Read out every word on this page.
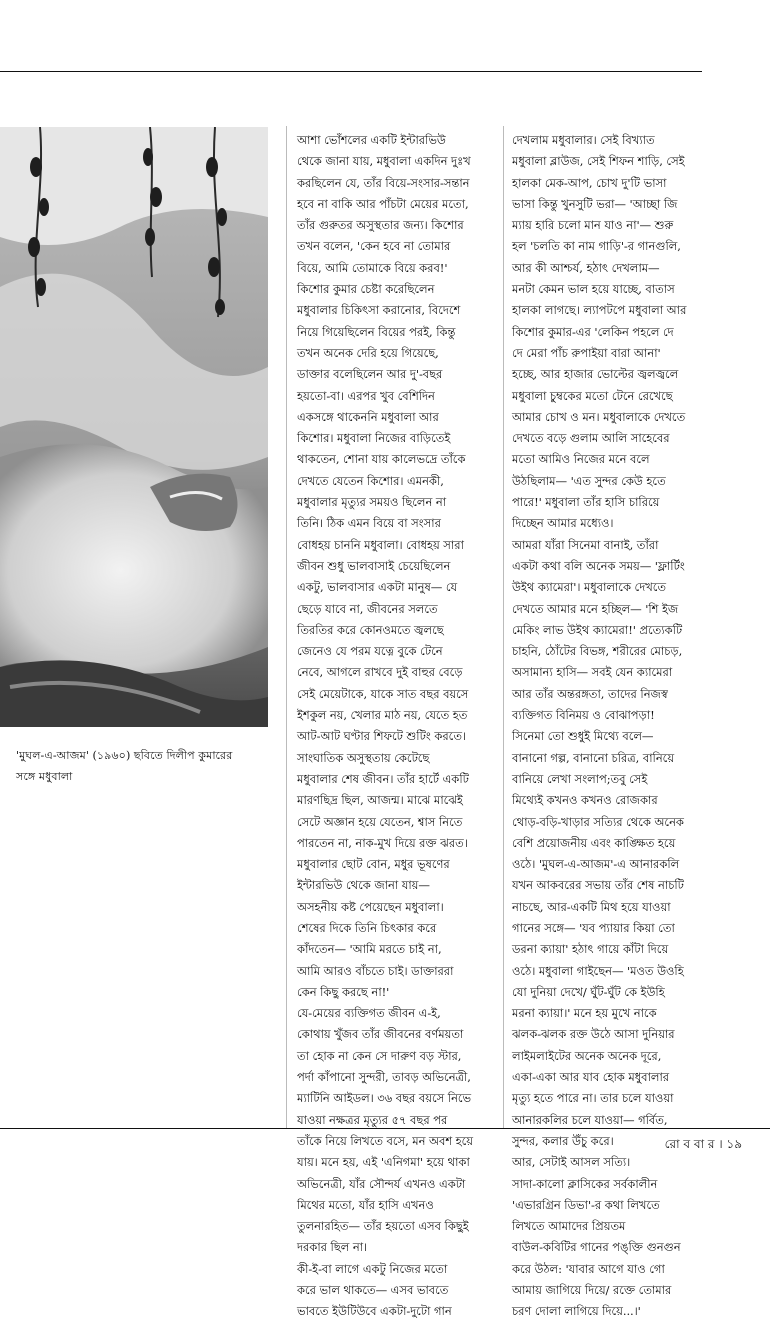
'মুঘল-এ-আজম' (১৯৬০) ছবিতে দিলীপ কুমারের
সঙ্গে মধুবালা
আশা ভোঁশলের একটি ইন্টারভিউ
থেকে জানা যায়, মধুবালা একদিন দুঃখ
করছিলেন যে, তাঁর বিয়ে-সংসার-সন্তান
হবে না বাকি আর পাঁচটা মেয়ের মতো,
তাঁর গুরুতর অসুস্থতার জন্য। কিশোর
তখন বলেন, 'কেন হবে না তোমার
বিয়ে, আমি তোমাকে বিয়ে করব!'
কিশোর কুমার চেষ্টা করেছিলেন
মধুবালার চিকিৎসা করানোর, বিদেশে
নিয়ে গিয়েছিলেন বিয়ের পরই, কিন্তু
তখন অনেক দেরি হয়ে গিয়েছে,
ডাক্তার বলেছিলেন আর দু'-বছর
হয়তো-বা। এরপর খুব বেশিদিন
একসঙ্গে থাকেননি মধুবালা আর
কিশোর। মধুবালা নিজের বাড়িতেই
থাকতেন, শোনা যায় কালেভদ্রে তাঁকে
দেখতে যেতেন কিশোর। এমনকী,
মধুবালার মৃত্যুর সময়ও ছিলেন না
তিনি। ঠিক এমন বিয়ে বা সংসার
বোধহয় চাননি মধুবালা। বোধহয় সারা
জীবন শুধু ভালবাসাই চেয়েছিলেন
একটু, ভালবাসার একটা মানুষ— যে
ছেড়ে যাবে না, জীবনের সলতে
তিরতির করে কোনওমতে জ্বলছে
জেনেও যে পরম যত্নে বুকে টেনে
নেবে, আগলে রাখবে দুই বাহুর বেড়ে
সেই মেয়েটাকে, যাকে সাত বছর বয়সে
ইশকুল নয়, খেলার মাঠ নয়, যেতে হত
আট-আট ঘণ্টার শিফটে শুটিং করতে।
সাংঘাতিক অসুস্থতায় কেটেছে
মধুবালার শেষ জীবন। তাঁর হার্টে একটি
মারণছিদ্র ছিল, আজন্ম। মাঝে মাঝেই
সেটে অজ্ঞান হয়ে যেতেন, শ্বাস নিতে
পারতেন না, নাক-মুখ দিয়ে রক্ত ঝরত।
মধুবালার ছোট বোন, মধুর ভূষণের
ইন্টারভিউ থেকে জানা যায়—
অসহনীয় কষ্ট পেয়েছেন মধুবালা।
শেষের দিকে তিনি চিৎকার করে
কাঁদতেন— 'আমি মরতে চাই না,
আমি আরও বাঁচতে চাই। ডাক্তাররা
কেন কিছু করছে না!'
যে-মেয়ের ব্যক্তিগত জীবন এ-ই,
কোথায় খুঁজব তাঁর জীবনের বর্ণময়তা
তা হোক না কেন সে দারুণ বড় স্টার,
পর্দা কাঁপানো সুন্দরী, তাবড় অভিনেত্রী,
ম্যাটিনি আইডল। ৩৬ বছর বয়সে নিভে
যাওয়া নক্ষত্রর মৃত্যুর ৫৭ বছর পর
তাঁকে নিয়ে লিখতে বসে, মন অবশ হয়ে
যায়। মনে হয়, এই 'এনিগমা' হয়ে থাকা
অভিনেত্রী, যাঁর সৌন্দর্য এখনও একটা
মিথের মতো, যাঁর হাসি এখনও
তুলনারহিত— তাঁর হয়তো এসব কিছুই
দরকার ছিল না।
কী-ই-বা লাগে একটু নিজের মতো
করে ভাল থাকতে— এসব ভাবতে
ভাবতে ইউটিউবে একটা-দুটো গান
দেখলাম মধুবালার। সেই বিখ্যাত
মধুবালা ব্লাউজ, সেই শিফন শাড়ি, সেই
হালকা মেক-আপ, চোখ দু'টি ভাসা
ভাসা কিন্তু খুনসুটি ভরা— 'আচ্ছা জি
ম্যায় হারি চলো মান যাও না'— শুরু
হল 'চলতি কা নাম গাড়ি'-র গানগুলি,
আর কী আশ্চর্য, হঠাৎ দেখলাম—
মনটা কেমন ভাল হয়ে যাচ্ছে, বাতাস
হালকা লাগছে। ল্যাপটপে মধুবালা আর
কিশোর কুমার-এর 'লেকিন পহলে দে
দে মেরা পাঁচ রুপাইয়া বারা আনা'
হচ্ছে, আর হাজার ভোল্টের জ্বলজ্বলে
মধুবালা চুম্বকের মতো টেনে রেখেছে
আমার চোখ ও মন। মধুবালাকে দেখতে
দেখতে বড়ে গুলাম আলি সাহেবের
মতো আমিও নিজের মনে বলে
উঠছিলাম— 'এত সুন্দর কেউ হতে
পারে!' মধুবালা তাঁর হাসি চারিয়ে
দিচ্ছেন আমার মধ্যেও।
আমরা যাঁরা সিনেমা বানাই, তাঁরা
একটা কথা বলি অনেক সময়— 'ফ্লার্টিং
উইথ ক্যামেরা'। মধুবালাকে দেখতে
দেখতে আমার মনে হচ্ছিল— 'শি ইজ
মেকিং লাভ উইথ ক্যামেরা!' প্রত্যেকটি
চাহনি, ঠোঁটের বিভঙ্গ, শরীরের মোচড়,
অসামান্য হাসি— সবই যেন ক্যামেরা
আর তাঁর অন্তরঙ্গতা, তাদের নিজস্ব
ব্যক্তিগত বিনিময় ও বোঝাপড়া!
সিনেমা তো শুধুই মিথ্যে বলে—
বানানো গল্প, বানানো চরিত্র, বানিয়ে
বানিয়ে লেখা সংলাপ;তবু সেই
মিথ্যেই কখনও কখনও রোজকার
থোড়-বড়ি-খাড়ার সত্যির থেকে অনেক
বেশি প্রয়োজনীয় এবং কাঙ্ক্ষিত হয়ে
ওঠে। 'মুঘল-এ-আজম'-এ আনারকলি
যখন আকবরের সভায় তাঁর শেষ নাচটি
নাচছে, আর-একটি মিথ হয়ে যাওয়া
গানের সঙ্গে— 'যব প্যায়ার কিয়া তো
ডরনা ক্যায়া' হঠাৎ গায়ে কাঁটা দিয়ে
ওঠে। মধুবালা গাইছেন— 'মওত উওহি
যো দুনিয়া দেখে/ ঘুঁট-ঘুঁট কে ইউহি
মরনা ক্যায়া।' মনে হয় মুখে নাকে
ঝলক-ঝলক রক্ত উঠে আসা দুনিয়ার
লাইমলাইটের অনেক অনেক দূরে,
একা-একা আর যাব হোক মধুবালার
মৃত্যু হতে পারে না। তার চলে যাওয়া
আনারকলির চলে যাওয়া— গর্বিত,
সুন্দর, কলার উঁচু করে।
আর, সেটাই আসল সত্যি।
সাদা-কালো ক্লাসিকের সর্বকালীন
'এভারগ্রিন ডিভা'-র কথা লিখতে
লিখতে আমাদের প্রিয়তম
বাউল-কবিটির গানের পঙ্‌ক্তি গুনগুন
করে উঠল: 'যাবার আগে যাও গো
আমায় জাগিয়ে দিয়ে/ রক্তে তোমার
চরণ দোলা লাগিয়ে দিয়ে...।'
রো ব বা র । ১৯
